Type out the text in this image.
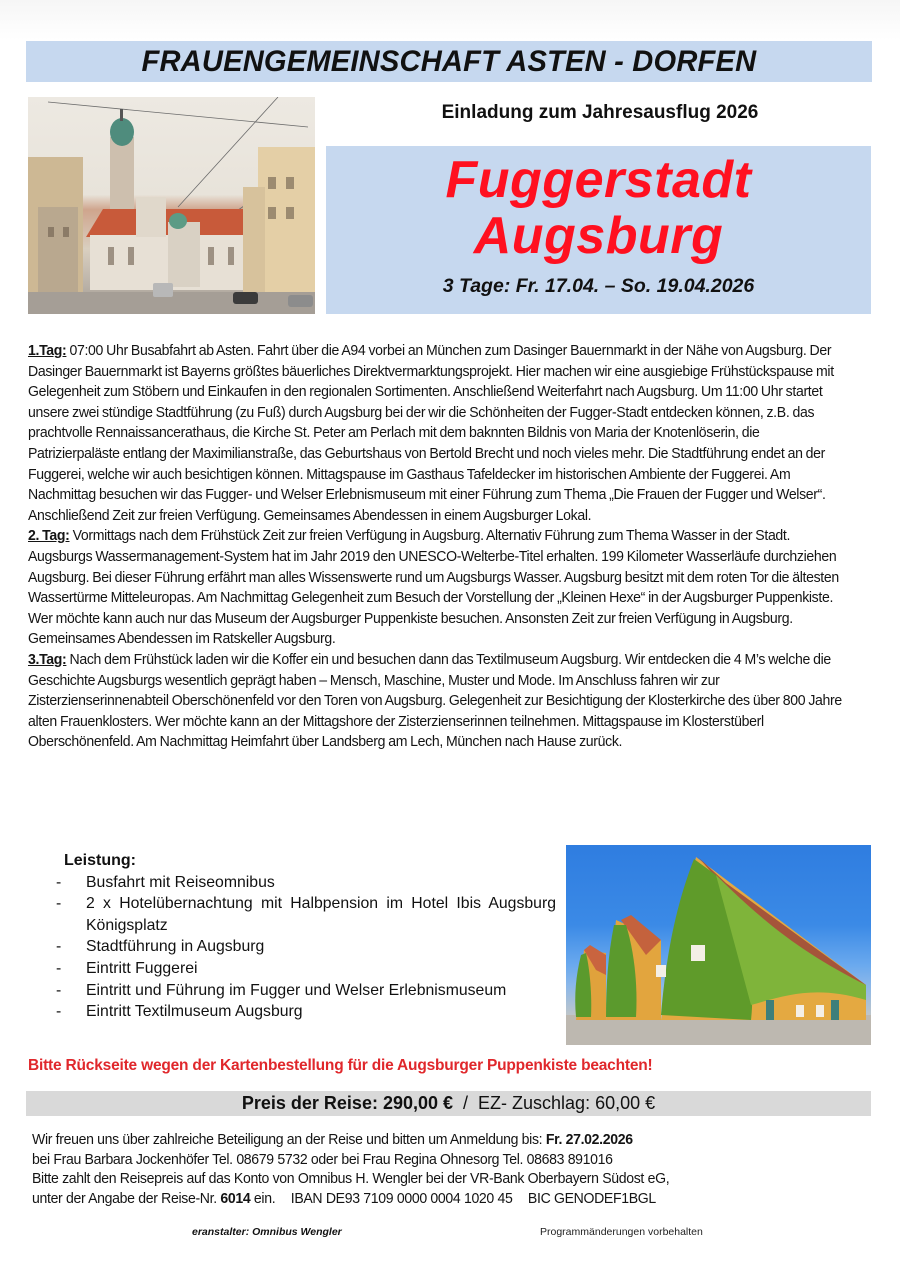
FRAUENGEMEINSCHAFT ASTEN - DORFEN
Einladung zum Jahresausflug 2026
Fuggerstadt
Augsburg
3 Tage: Fr. 17.04. – So. 19.04.2026
1.Tag: 07:00 Uhr Busabfahrt ab Asten. Fahrt über die A94 vorbei an München zum Dasinger Bauernmarkt in der Nähe von Augsburg. Der Dasinger Bauernmarkt ist Bayerns größtes bäuerliches Direktvermarktungsprojekt. Hier machen wir eine ausgiebige Frühstückspause mit Gelegenheit zum Stöbern und Einkaufen in den regionalen Sortimenten. Anschließend Weiterfahrt nach Augsburg. Um 11:00 Uhr startet unsere zwei stündige Stadtführung (zu Fuß) durch Augsburg bei der wir die Schönheiten der Fugger-Stadt entdecken können, z.B. das prachtvolle Rennaissancerathaus, die Kirche St. Peter am Perlach mit dem baknnten Bildnis von Maria der Knotenlöserin, die Patrizierpaläste entlang der Maximilianstraße, das Geburtshaus von Bertold Brecht und noch vieles mehr. Die Stadtführung endet an der Fuggerei, welche wir auch besichtigen können. Mittagspause im Gasthaus Tafeldecker im historischen Ambiente der Fuggerei. Am Nachmittag besuchen wir das Fugger- und Welser Erlebnismuseum mit einer Führung zum Thema „Die Frauen der Fugger und Welser“. Anschließend Zeit zur freien Verfügung. Gemeinsames Abendessen in einem Augsburger Lokal.
2. Tag: Vormittags nach dem Frühstück Zeit zur freien Verfügung in Augsburg. Alternativ Führung zum Thema Wasser in der Stadt. Augsburgs Wassermanagement-System hat im Jahr 2019 den UNESCO-Welterbe-Titel erhalten. 199 Kilometer Wasserläufe durchziehen Augsburg. Bei dieser Führung erfährt man alles Wissenswerte rund um Augsburgs Wasser. Augsburg besitzt mit dem roten Tor die ältesten Wassertürme Mitteleuropas. Am Nachmittag Gelegenheit zum Besuch der Vorstellung der „Kleinen Hexe“ in der Augsburger Puppenkiste. Wer möchte kann auch nur das Museum der Augsburger Puppenkiste besuchen. Ansonsten Zeit zur freien Verfügung in Augsburg. Gemeinsames Abendessen im Ratskeller Augsburg.
3.Tag: Nach dem Frühstück laden wir die Koffer ein und besuchen dann das Textilmuseum Augsburg. Wir entdecken die 4 M’s welche die Geschichte Augsburgs wesentlich geprägt haben – Mensch, Maschine, Muster und Mode. Im Anschluss fahren wir zur Zisterzienserinnenabteil Oberschönenfeld vor den Toren von Augsburg. Gelegenheit zur Besichtigung der Klosterkirche des über 800 Jahre alten Frauenklosters. Wer möchte kann an der Mittagshore der Zisterzienserinnen teilnehmen. Mittagspause im Klosterstüberl Oberschönenfeld. Am Nachmittag Heimfahrt über Landsberg am Lech, München nach Hause zurück.
Leistung:
- Busfahrt mit Reiseomnibus
- 2 x Hotelübernachtung mit Halbpension im Hotel Ibis Augsburg Königsplatz
- Stadtführung in Augsburg
- Eintritt Fuggerei
- Eintritt und Führung im Fugger und Welser Erlebnismuseum
- Eintritt Textilmuseum Augsburg
Bitte Rückseite wegen der Kartenbestellung für die Augsburger Puppenkiste beachten!
Preis der Reise: 290,00 € / EZ- Zuschlag: 60,00 €
Wir freuen uns über zahlreiche Beteiligung an der Reise und bitten um Anmeldung bis: Fr. 27.02.2026
bei Frau Barbara Jockenhöfer Tel. 08679 5732 oder bei Frau Regina Ohnesorg Tel. 08683 891016
Bitte zahlt den Reisepreis auf das Konto von Omnibus H. Wengler bei der VR-Bank Oberbayern Südost eG,
unter der Angabe der Reise-Nr. 6014 ein. IBAN DE93 7109 0000 0004 1020 45 BIC GENODEF1BGL
eranstalter: Omnibus Wengler	Programmänderungen vorbehalten
